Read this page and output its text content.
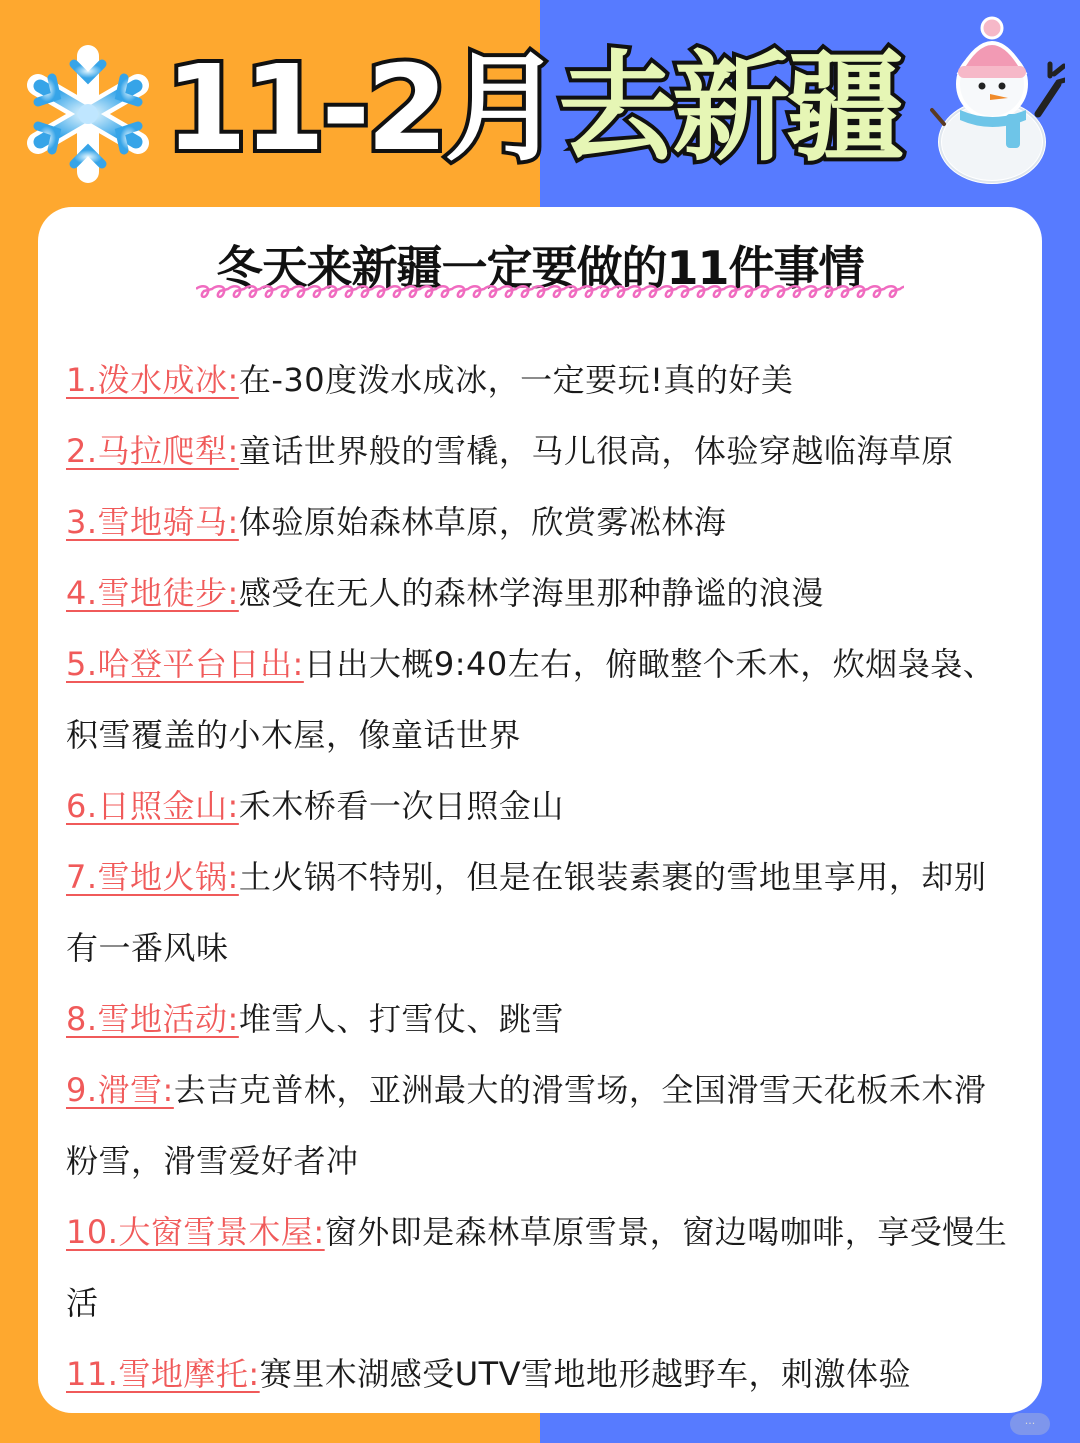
11-2月去新疆
冬天来新疆一定要做的11件事情
1.泼水成冰:在-30度泼水成冰，一定要玩!真的好美
2.马拉爬犁:童话世界般的雪橇，马儿很高，体验穿越临海草原
3.雪地骑马:体验原始森林草原，欣赏雾凇林海
4.雪地徒步:感受在无人的森林学海里那种静谧的浪漫
5.哈登平台日出:日出大概9:40左右，俯瞰整个禾木，炊烟袅袅、积雪覆盖的小木屋，像童话世界
6.日照金山:禾木桥看一次日照金山
7.雪地火锅:土火锅不特别，但是在银装素裹的雪地里享用，却别有一番风味
8.雪地活动:堆雪人、打雪仗、跳雪
9.滑雪:去吉克普林，亚洲最大的滑雪场，全国滑雪天花板禾木滑粉雪，滑雪爱好者冲
10.大窗雪景木屋:窗外即是森林草原雪景，窗边喝咖啡，享受慢生活
11.雪地摩托:赛里木湖感受UTV雪地地形越野车，刺激体验
···
